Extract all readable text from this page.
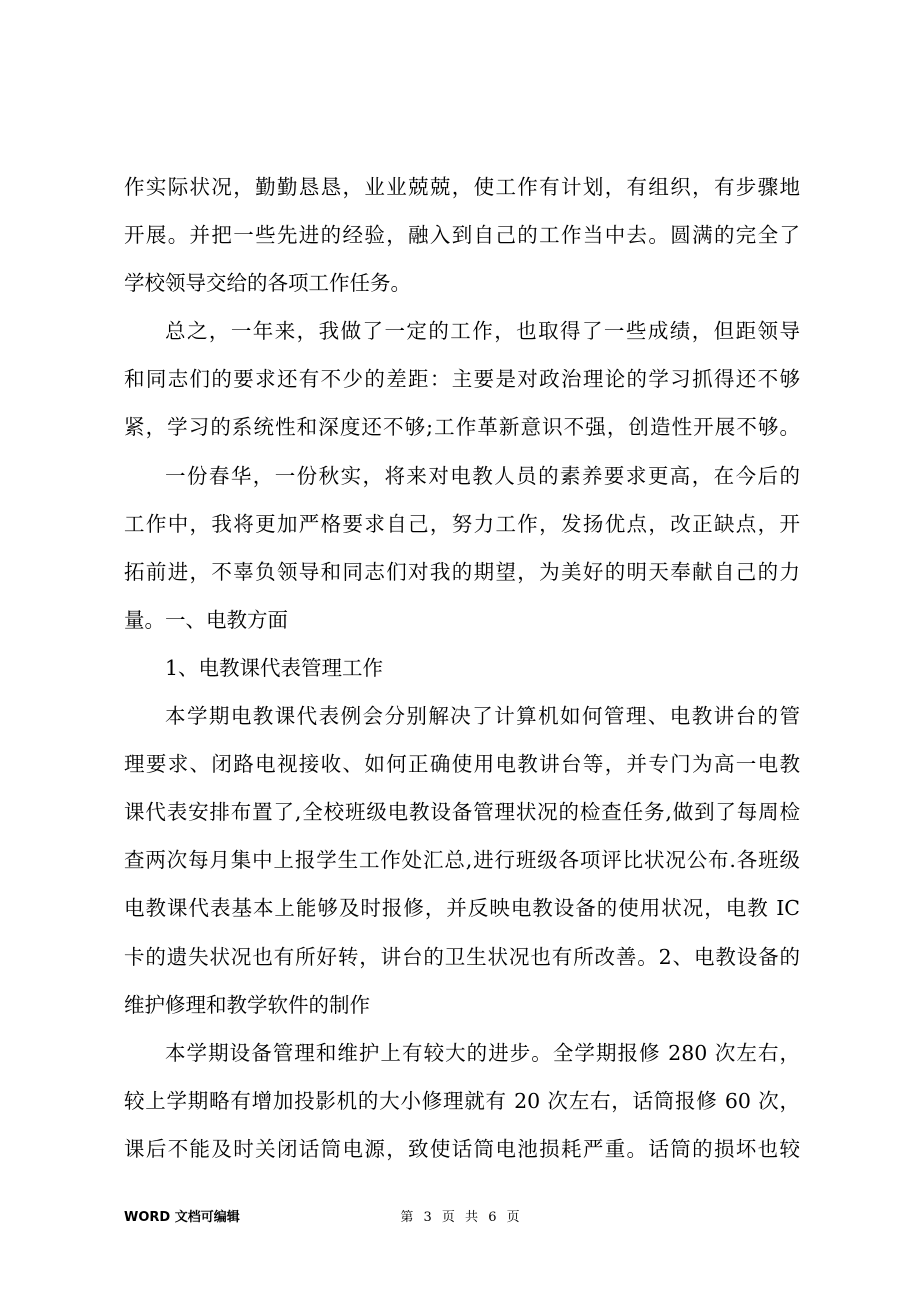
作实际状况，勤勤恳恳，业业兢兢，使工作有计划，有组织，有步骤地
开展。并把一些先进的经验，融入到自己的工作当中去。圆满的完全了
学校领导交给的各项工作任务。
总之，一年来，我做了一定的工作，也取得了一些成绩，但距领导
和同志们的要求还有不少的差距：主要是对政治理论的学习抓得还不够
紧，学习的系统性和深度还不够;工作革新意识不强，创造性开展不够。
一份春华，一份秋实，将来对电教人员的素养要求更高，在今后的
工作中，我将更加严格要求自己，努力工作，发扬优点，改正缺点，开
拓前进，不辜负领导和同志们对我的期望，为美好的明天奉献自己的力
量。一、电教方面
1、电教课代表管理工作
本学期电教课代表例会分别解决了计算机如何管理、电教讲台的管
理要求、闭路电视接收、如何正确使用电教讲台等，并专门为高一电教
课代表安排布置了,全校班级电教设备管理状况的检查任务,做到了每周检
查两次每月集中上报学生工作处汇总,进行班级各项评比状况公布.各班级
电教课代表基本上能够及时报修，并反映电教设备的使用状况，电教 IC
卡的遗失状况也有所好转，讲台的卫生状况也有所改善。2、电教设备的
维护修理和教学软件的制作
本学期设备管理和维护上有较大的进步。全学期报修 280 次左右，
较上学期略有增加投影机的大小修理就有 20 次左右，话筒报修 60 次，
课后不能及时关闭话筒电源，致使话筒电池损耗严重。话筒的损坏也较
WORD 文档可编辑	第 3 页 共 6 页
